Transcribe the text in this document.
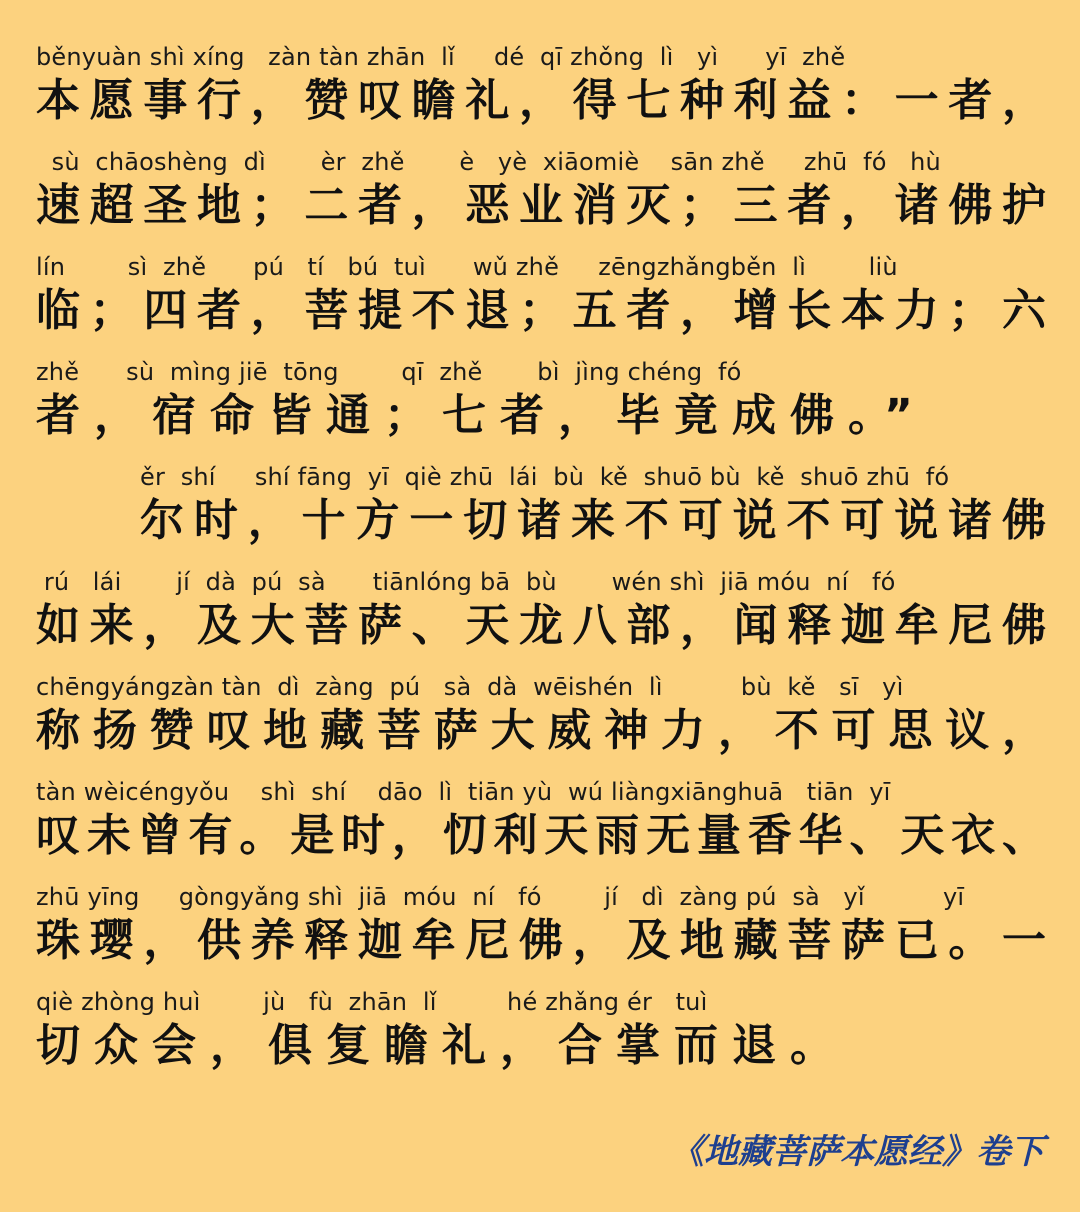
běnyuàn shì xíng   zàn tàn zhān  lǐ     dé  qī zhǒng  lì   yì      yī  zhě
本愿事行，赞叹瞻礼，得七种利益：一者，
sù  chāoshèng  dì       èr  zhě       è   yè  xiāomiè    sān zhě     zhū  fó   hù
速超圣地；二者，恶业消灭；三者，诸佛护
lín        sì  zhě      pú   tí   bú  tuì      wǔ zhě     zēngzhǎngběn  lì        liù
临；四者，菩提不退；五者，增长本力；六
zhě      sù  mìng jiē  tōng        qī  zhě       bì  jìng chéng  fó
者，宿命皆通；七者，毕竟成佛。”
ěr  shí     shí fāng  yī  qiè zhū  lái  bù  kě  shuō bù  kě  shuō zhū  fó
尔时，十方一切诸来不可说不可说诸佛
rú   lái       jí  dà  pú  sà      tiānlóng bā  bù       wén shì  jiā móu  ní   fó
如来，及大菩萨、天龙八部，闻释迦牟尼佛
chēngyángzàn tàn  dì  zàng  pú   sà  dà  wēishén  lì          bù  kě   sī   yì
称扬赞叹地藏菩萨大威神力，不可思议，
tàn wèicéngyǒu    shì  shí    dāo  lì  tiān yù  wú liàngxiānghuā   tiān  yī
叹未曾有。是时，忉利天雨无量香华、天衣、
zhū yīng     gòngyǎng shì  jiā  móu  ní   fó        jí   dì  zàng pú  sà   yǐ          yī
珠璎，供养释迦牟尼佛，及地藏菩萨已。一
qiè zhòng huì        jù   fù  zhān  lǐ         hé zhǎng ér   tuì
切众会，俱复瞻礼，合掌而退。
《地藏菩萨本愿经》卷下
